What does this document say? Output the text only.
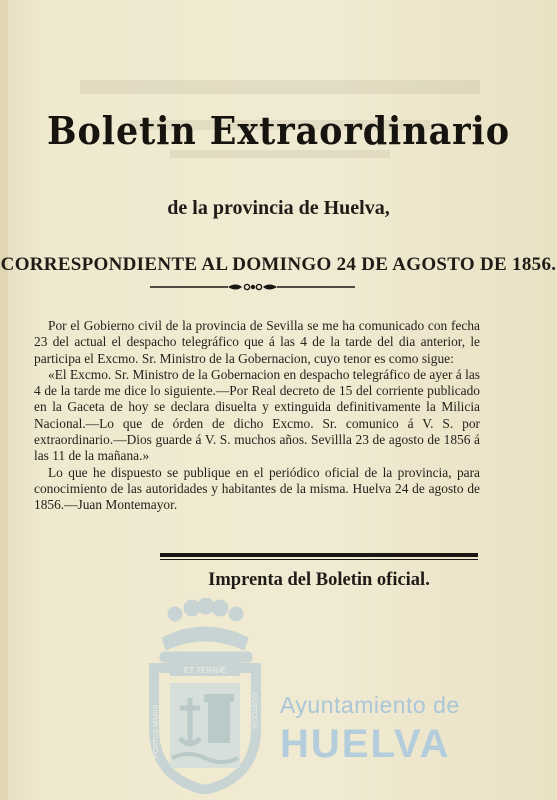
Boletin Extraordinario
de la provincia de Huelva,
CORRESPONDIENTE AL DOMINGO 24 DE AGOSTO DE 1856.

Por el Gobierno civil de la provincia de Sevilla se me ha comunicado con fecha 23 del actual el despacho telegráfico que á las 4 de la tarde del dia anterior, le participa el Excmo. Sr. Ministro de la Gobernacion, cuyo tenor es como sigue:

«El Excmo. Sr. Ministro de la Gobernacion en despacho telegráfico de ayer á las 4 de la tarde me dice lo siguiente.—Por Real decreto de 15 del corriente publicado en la Gaceta de hoy se declara disuelta y extinguida definitivamente la Milicia Nacional.—Lo que de órden de dicho Excmo. Sr. comunico á V. S. por extraordinario.—Dios guarde á V. S. muchos años. Sevillla 23 de agosto de 1856 á las 11 de la mañana.»

Lo que he dispuesto se publique en el periódico oficial de la provincia, para conocimiento de las autoridades y habitantes de la misma. Huelva 24 de agosto de 1856.—Juan Montemayor.

Imprenta del Boletin oficial.
ET TERRÆ
PORTUS MARIS	CUSTODIA Ayuntamiento de
HUELVA
